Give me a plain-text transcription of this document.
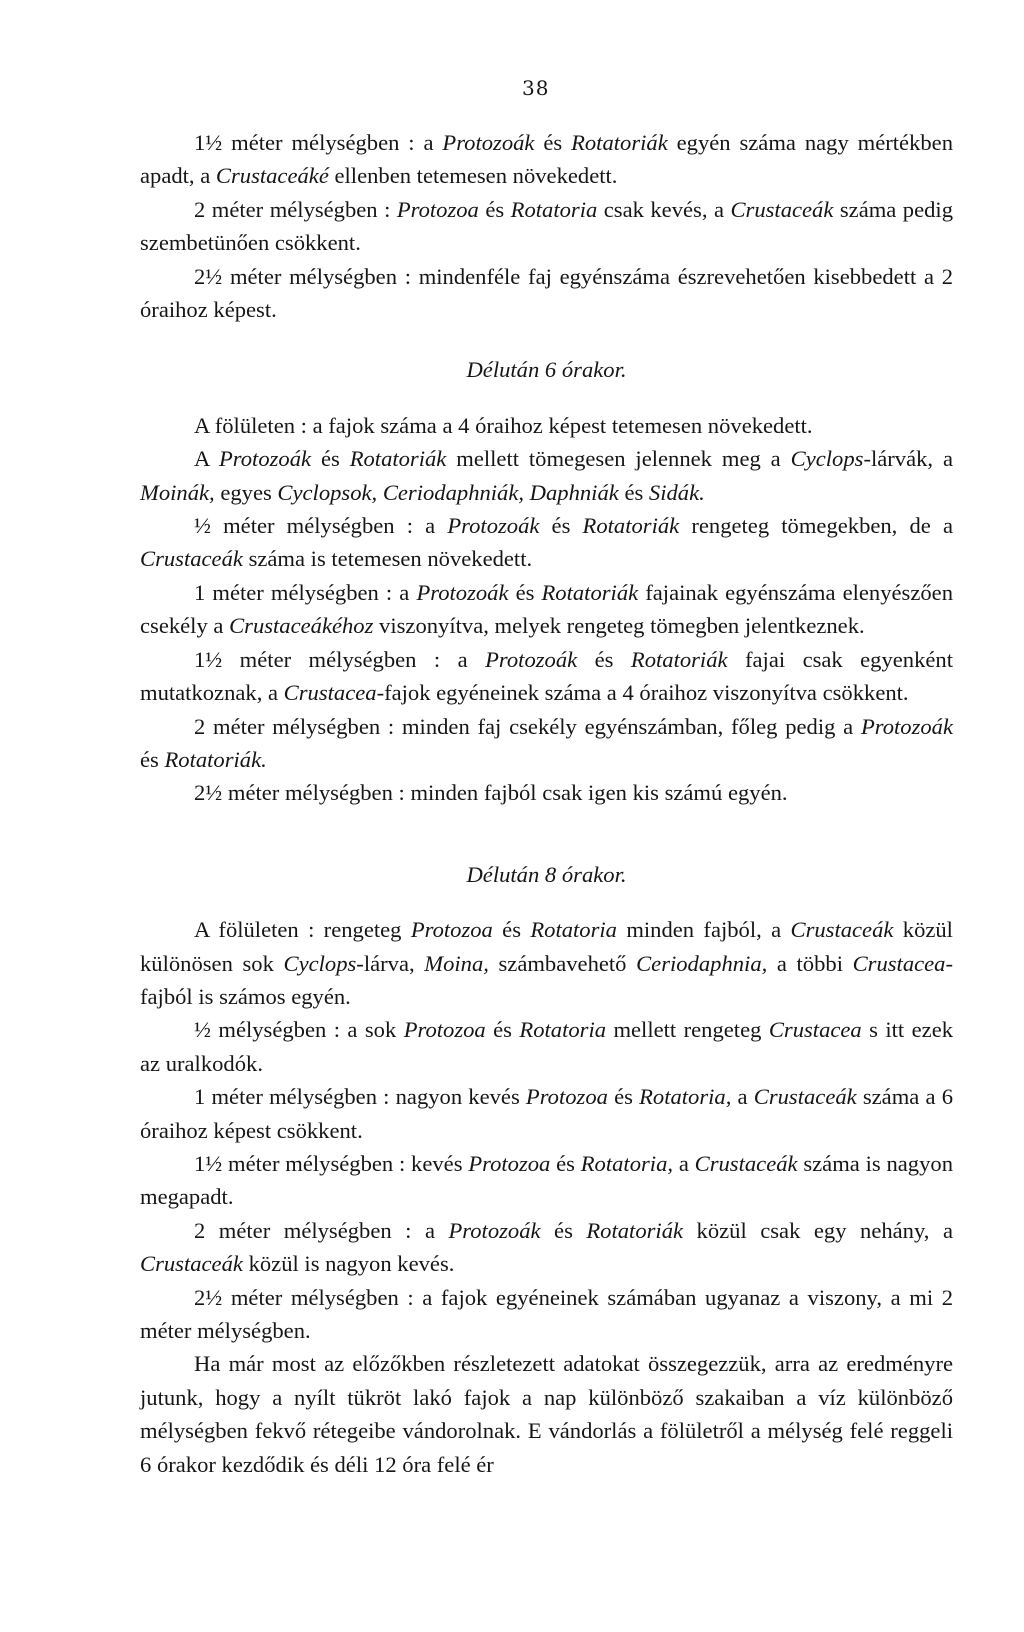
38

1½ méter mélységben : a Protozoák és Rotatoriák egyén száma nagy mértékben apadt, a Crustaceáké ellenben tetemesen növekedett.

2 méter mélységben : Protozoa és Rotatoria csak kevés, a Crustaceák száma pedig szembetünően csökkent.

2½ méter mélységben : mindenféle faj egyénszáma észrevehetően kisebbedett a 2 óraihoz képest.

Délután 6 órakor.

A fölületen : a fajok száma a 4 óraihoz képest tetemesen növekedett.

A Protozoák és Rotatoriák mellett tömegesen jelennek meg a Cyclops-lárvák, a Moinák, egyes Cyclopsok, Ceriodaphniák, Daphniák és Sidák.

½ méter mélységben : a Protozoák és Rotatoriák rengeteg tömegekben, de a Crustaceák száma is tetemesen növekedett.

1 méter mélységben : a Protozoák és Rotatoriák fajainak egyénszáma elenyészően csekély a Crustaceákéhoz viszonyítva, melyek rengeteg tömegben jelentkeznek.

1½ méter mélységben : a Protozoák és Rotatoriák fajai csak egyenként mutatkoznak, a Crustacea-fajok egyéneinek száma a 4 óraihoz viszonyítva csökkent.

2 méter mélységben : minden faj csekély egyénszámban, főleg pedig a Protozoák és Rotatoriák.

2½ méter mélységben : minden fajból csak igen kis számú egyén.

Délután 8 órakor.

A fölületen : rengeteg Protozoa és Rotatoria minden fajból, a Crustaceák közül különösen sok Cyclops-lárva, Moina, számbavehető Ceriodaphnia, a többi Crustacea-fajból is számos egyén.

½ mélységben : a sok Protozoa és Rotatoria mellett rengeteg Crustacea s itt ezek az uralkodók.

1 méter mélységben : nagyon kevés Protozoa és Rotatoria, a Crustaceák száma a 6 óraihoz képest csökkent.

1½ méter mélységben : kevés Protozoa és Rotatoria, a Crustaceák száma is nagyon megapadt.

2 méter mélységben : a Protozoák és Rotatoriák közül csak egy nehány, a Crustaceák közül is nagyon kevés.

2½ méter mélységben : a fajok egyéneinek számában ugyanaz a viszony, a mi 2 méter mélységben.

Ha már most az előzőkben részletezett adatokat összegezzük, arra az eredményre jutunk, hogy a nyílt tükröt lakó fajok a nap különböző szakaiban a víz különböző mélységben fekvő rétegeibe vándorolnak. E vándorlás a fölületről a mélység felé reggeli 6 órakor kezdődik és déli 12 óra felé ér
